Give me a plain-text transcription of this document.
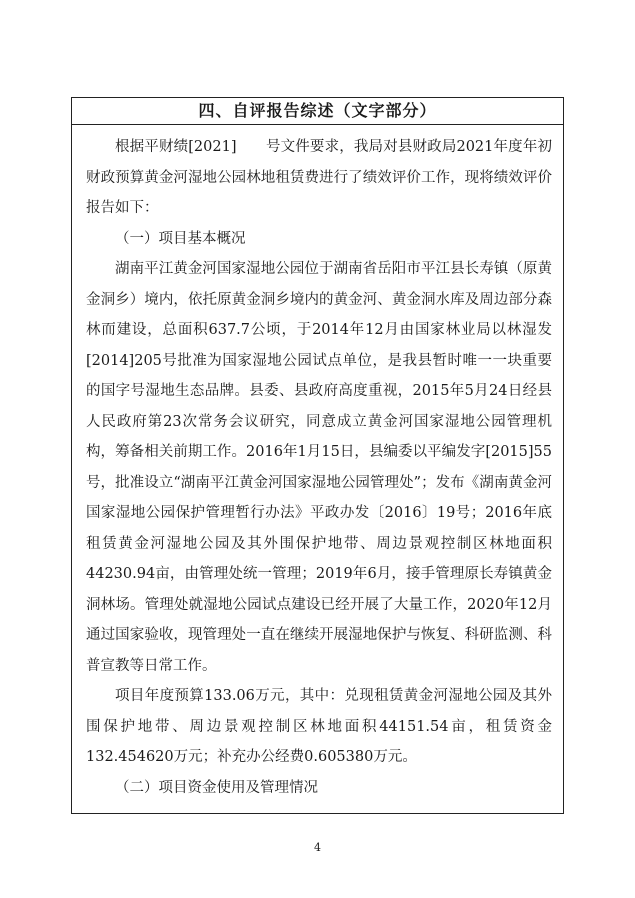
四、自评报告综述（文字部分）

根据平财绩[2021]　　号文件要求，我局对县财政局2021年度年初财政预算黄金河湿地公园林地租赁费进行了绩效评价工作，现将绩效评价报告如下：

（一）项目基本概况

湖南平江黄金河国家湿地公园位于湖南省岳阳市平江县长寿镇（原黄金洞乡）境内，依托原黄金洞乡境内的黄金河、黄金洞水库及周边部分森林而建设，总面积637.7公顷，于2014年12月由国家林业局以林湿发[2014]205号批准为国家湿地公园试点单位，是我县暂时唯一一块重要的国字号湿地生态品牌。县委、县政府高度重视，2015年5月24日经县人民政府第23次常务会议研究，同意成立黄金河国家湿地公园管理机构，筹备相关前期工作。2016年1月15日，县编委以平编发字[2015]55号，批准设立“湖南平江黄金河国家湿地公园管理处”；发布《湖南黄金河国家湿地公园保护管理暂行办法》平政办发〔2016〕19号；2016年底租赁黄金河湿地公园及其外围保护地带、周边景观控制区林地面积44230.94亩，由管理处统一管理；2019年6月，接手管理原长寿镇黄金洞林场。管理处就湿地公园试点建设已经开展了大量工作，2020年12月通过国家验收，现管理处一直在继续开展湿地保护与恢复、科研监测、科普宣教等日常工作。

项目年度预算133.06万元，其中：兑现租赁黄金河湿地公园及其外围保护地带、周边景观控制区林地面积44151.54亩，租赁资金132.454620万元；补充办公经费0.605380万元。

（二）项目资金使用及管理情况

4
